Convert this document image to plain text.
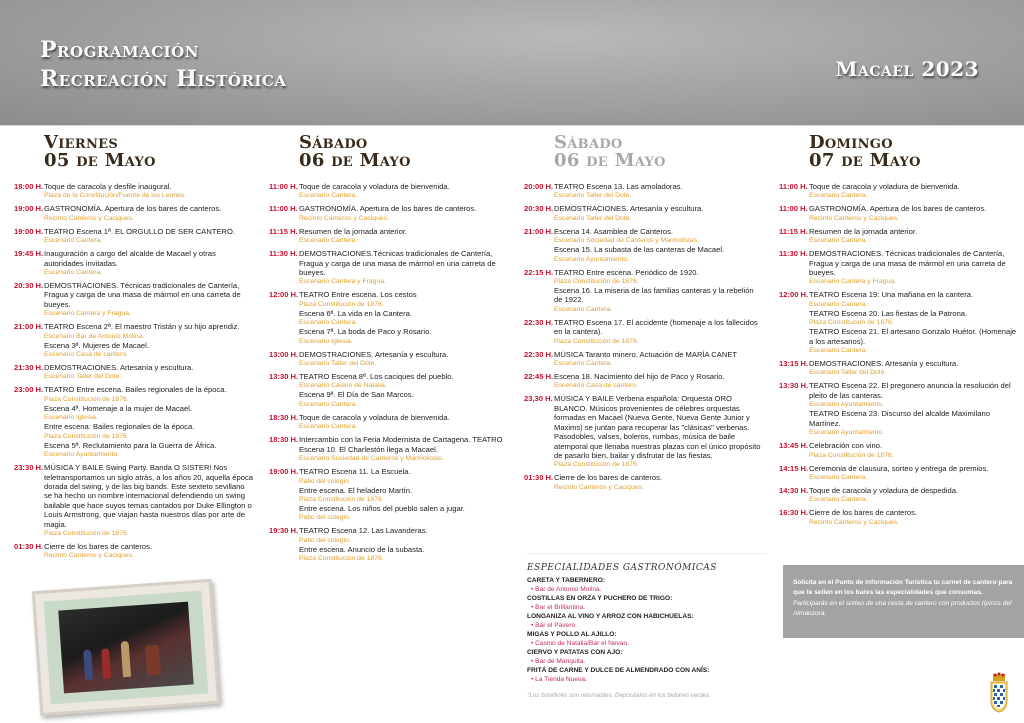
Programación
Recreación Histórica	Macael 2023
Viernes
05 de Mayo
18:00 H. Toque de caracola y desfile inaugural.
Plaza de la Constitución/Fuente de los Leones.
19:00 H. GASTRONOMÍA. Apertura de los bares de canteros.
Recinto Canteros y Caciques.
19:00 H. TEATRO Escena 1ª. EL ORGULLO DE SER CANTERO.
Escenario Cantera.
19:45 H. Inauguración a cargo del alcalde de Macael y otras autoridades invitadas.
Escenario Cantera.
20:30 H. DEMOSTRACIONES. Técnicas tradicionales de Cantería, Fragua y carga de una masa de mármol en una carreta de bueyes.
Escenario Cantera y Fragua.
21:00 H. TEATRO Escena 2ª. El maestro Tristán y su hijo aprendiz.
Escenario Bar de Antonio Molina.
Escena 3ª. Mujeres de Macael.
Escenario Casa de cantero.
21:30 H. DEMOSTRACIONES. Artesanía y escultura.
Escenario Taller del Dote.
23:00 H. TEATRO Entre escena. Bailes regionales de la época.
Plaza Constitución de 1876.
Escena 4ª. Homenaje a la mujer de Macael.
Escenario Iglesia.
Entre escena: Bailes regionales de la época.
Plaza Constitución de 1876.
Escena 5ª. Reclutamiento para la Guerra de África.
Escenario Ayuntamiento.
23:30 H. MÚSICA Y BAILE Swing Party. Banda O SISTER! Nos teletransportamos un siglo atrás, a los años 20, aquella época dorada del swing, y de las big bands. Este sexteto sevillano se ha hecho un nombre internacional defendiendo un swing bailable que hace suyos temas cantados por Duke Ellington o Louis Armstrong, que viajan hasta nuestros días por arte de magia.
Plaza Constitución de 1876.
01:30 H. Cierre de los bares de canteros.
Recinto Canteros y Caciques.
Sábado
06 de Mayo
11:00 H. Toque de caracola y voladura de bienvenida.
Escenario Cantera.
11:00 H. GASTRONOMÍA. Apertura de los bares de canteros.
Recinto Canteros y Caciques.
11:15 H. Resumen de la jornada anterior.
Escenario Cantera.
11:30 H. DEMOSTRACIONES.Técnicas tradicionales de Cantería, Fragua y carga de una masa de mármol en una carreta de bueyes.
Escenario Cantera y Fragua.
12:00 H. TEATRO Entre escena. Los cestos
Plaza Constitución de 1876.
Escena 6ª. La vida en la Cantera.
Escenario Cantera.
Escena 7ª. La boda de Paco y Rosario.
Escenario Iglesia.
13:00 H. DEMOSTRACIONES. Artesanía y escultura.
Escenario Taller del Dote.
13:30 H. TEATRO Escena 8ª. Los caciques del pueblo.
Escenario Casino de Natalia.
Escena 9ª. El Día de San Marcos.
Escenario Cantera.
18:30 H. Toque de caracola y voladura de bienvenida.
Escenario Cantera.
18:30 H. Intercambio con la Feria Modernista de Cartagena. TEATRO Escena 10. El Charlestón llega a Macael.
Escenario Sociedad de Canteros y Marmolistas.
19:00 H. TEATRO Escena 11. La Escuela.
Patio del colegio.
Entre escena. El heladero Martín.
Plaza Constitución de 1876.
Entre escena. Los niños del pueblo salen a jugar.
Patio del colegio.
19:30 H. TEATRO Escena 12. Las Lavanderas.
Patio del colegio.
Entre escena. Anuncio de la subasta.
Plaza Constitución de 1876.
Sábado
06 de Mayo
20:00 H. TEATRO Escena 13. Las amoladoras.
Escenario Taller del Dote.
20:30 H. DEMOSTRACIONES. Artesanía y escultura.
Escenario Taller del Dote.
21:00 H. Escena 14. Asamblea de Canteros.
Escenario Sociedad de Canteros y Marmolistas.
Escena 15. La subasta de las canteras de Macael.
Escenario Ayuntamiento.
22:15 H. TEATRO Entre escena. Periódico de 1920.
Plaza Constitución de 1876.
Escena 16. La miseria de las familias canteras y la rebelión de 1922.
Escenario Cantera.
22:30 H. TEATRO Escena 17. El accidente (homenaje a los fallecidos en la cantera).
Plaza Constitución de 1876.
22:30 H. MÚSICA Taranto minero. Actuación de MARÍA CANET
Escenario Cantera.
22:45 H. Escena 18. Nacimiento del hijo de Paco y Rosario.
Escenario Casa de cantero.
23,30 H. MÚSICA Y BAILE Verbena española: Orquesta ORO BLANCO. Músicos provenientes de célebres orquestas formadas en Macael (Nueva Gente, Nueva Gente Junior y Maxims) se juntan para recuperar las "clásicas" verbenas. Pasodobles, valses, boleros, rumbas, música de baile atemporal que llenaba nuestras plazas con el único propósito de pasarlo bien, bailar y disfrutar de las fiestas.
Plaza Constitución de 1876.
01:30 H. Cierre de los bares de canteros.
Recinto Canteros y Caciques.
Domingo
07 de Mayo
11:00 H. Toque de caracola y voladura de bienvenida.
Escenario Cantera.
11:00 H. GASTRONOMÍA. Apertura de los bares de canteros.
Recinto Canteros y Caciques.
11:15 H. Resumen de la jornada anterior.
Escenario Cantera.
11:30 H. DEMOSTRACIONES. Técnicas tradicionales de Cantería, Fragua y carga de una masa de mármol en una carreta de bueyes.
Escenario Cantera y Fragua.
12:00 H. TEATRO Escena 19: Una mañana en la cantera.
Escenario Cantera.
TEATRO Escena 20. Las fiestas de la Patrona.
Plaza Constitución de 1876.
TEATRO Escena 21. El artesano Gonzalo Huétor. (Homenaje a los artesanos).
Escenario Cantera.
13:15 H. DEMOSTRACIONES. Artesanía y escultura.
Escenario Taller del Dote.
13:30 H. TEATRO Escena 22. El pregonero anuncia la resolución del pleito de las canteras.
Escenario Ayuntamiento.
TEATRO Escena 23. Discurso del alcalde Maximilano Martínez.
Escenario Ayuntamiento.
13:45 H. Celebración con vino.
Plaza Constitución de 1876.
14:15 H. Ceremonia de clausura, sorteo y entrega de premios.
Escenario Cantera.
14:30 H. Toque de caracola y voladura de despedida.
Escenario Cantera.
16:30 H. Cierre de los bares de canteros.
Recinto Canteros y Caciques.
ESPECIALIDADES GASTRONÓMICAS
CARETA Y TABERNERO:
• Bar de Antonio Molina.
COSTILLAS EN ORZA Y PUCHERO DE TRIGO:
• Bar el Brillantina.
LONGANIZA AL VINO Y ARROZ CON HABICHUELAS:
• Bar el Pavero.
MIGAS Y POLLO AL AJILLO:
• Casino de Natalia/Bar el Nevao.
CIERVO Y PATATAS CON AJO:
• Bar de Mariquita.
FRITÁ DE CARNE Y DULCE DE ALMENDRADO CON ANÍS:
• La Tienda Nueva.
*Los botellines son retornables. Depositalos en los bidones verdes.
Solicita en el Punto de Información Turística tu carnet de cantero para que te sellen en los bares las especialidades que consumas.
Participarás en el sorteo de una cesta de cantero con productos típicos del Almanzora.
